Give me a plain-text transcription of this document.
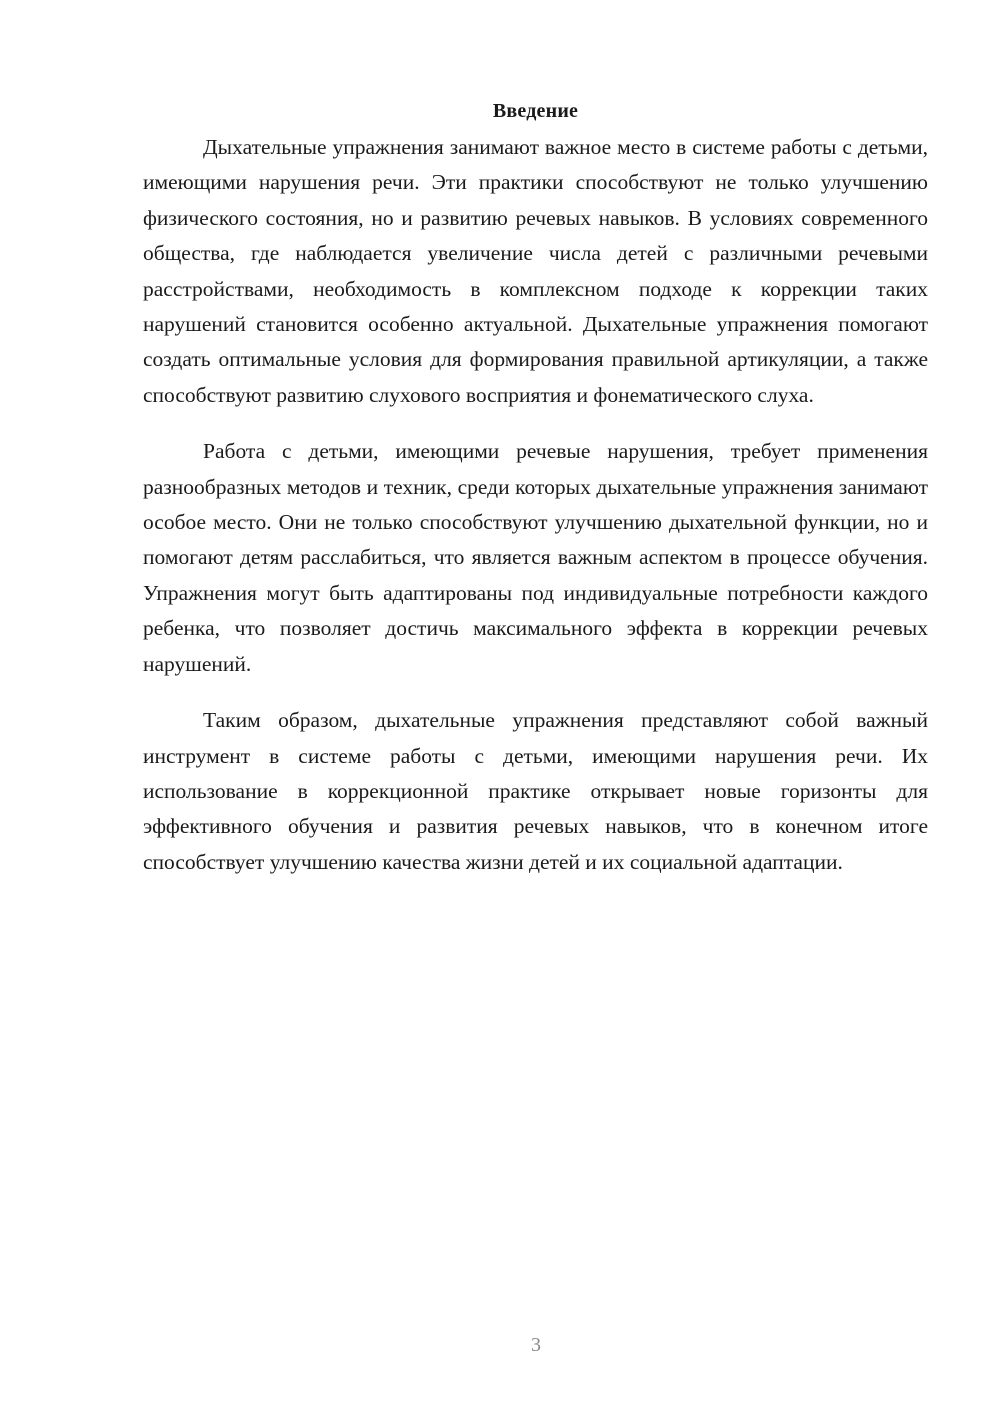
Введение

Дыхательные упражнения занимают важное место в системе работы с детьми, имеющими нарушения речи. Эти практики способствуют не только улучшению физического состояния, но и развитию речевых навыков. В условиях современного общества, где наблюдается увеличение числа детей с различными речевыми расстройствами, необходимость в комплексном подходе к коррекции таких нарушений становится особенно актуальной. Дыхательные упражнения помогают создать оптимальные условия для формирования правильной артикуляции, а также способствуют развитию слухового восприятия и фонематического слуха.

Работа с детьми, имеющими речевые нарушения, требует применения разнообразных методов и техник, среди которых дыхательные упражнения занимают особое место. Они не только способствуют улучшению дыхательной функции, но и помогают детям расслабиться, что является важным аспектом в процессе обучения. Упражнения могут быть адаптированы под индивидуальные потребности каждого ребенка, что позволяет достичь максимального эффекта в коррекции речевых нарушений.

Таким образом, дыхательные упражнения представляют собой важный инструмент в системе работы с детьми, имеющими нарушения речи. Их использование в коррекционной практике открывает новые горизонты для эффективного обучения и развития речевых навыков, что в конечном итоге способствует улучшению качества жизни детей и их социальной адаптации.

3
